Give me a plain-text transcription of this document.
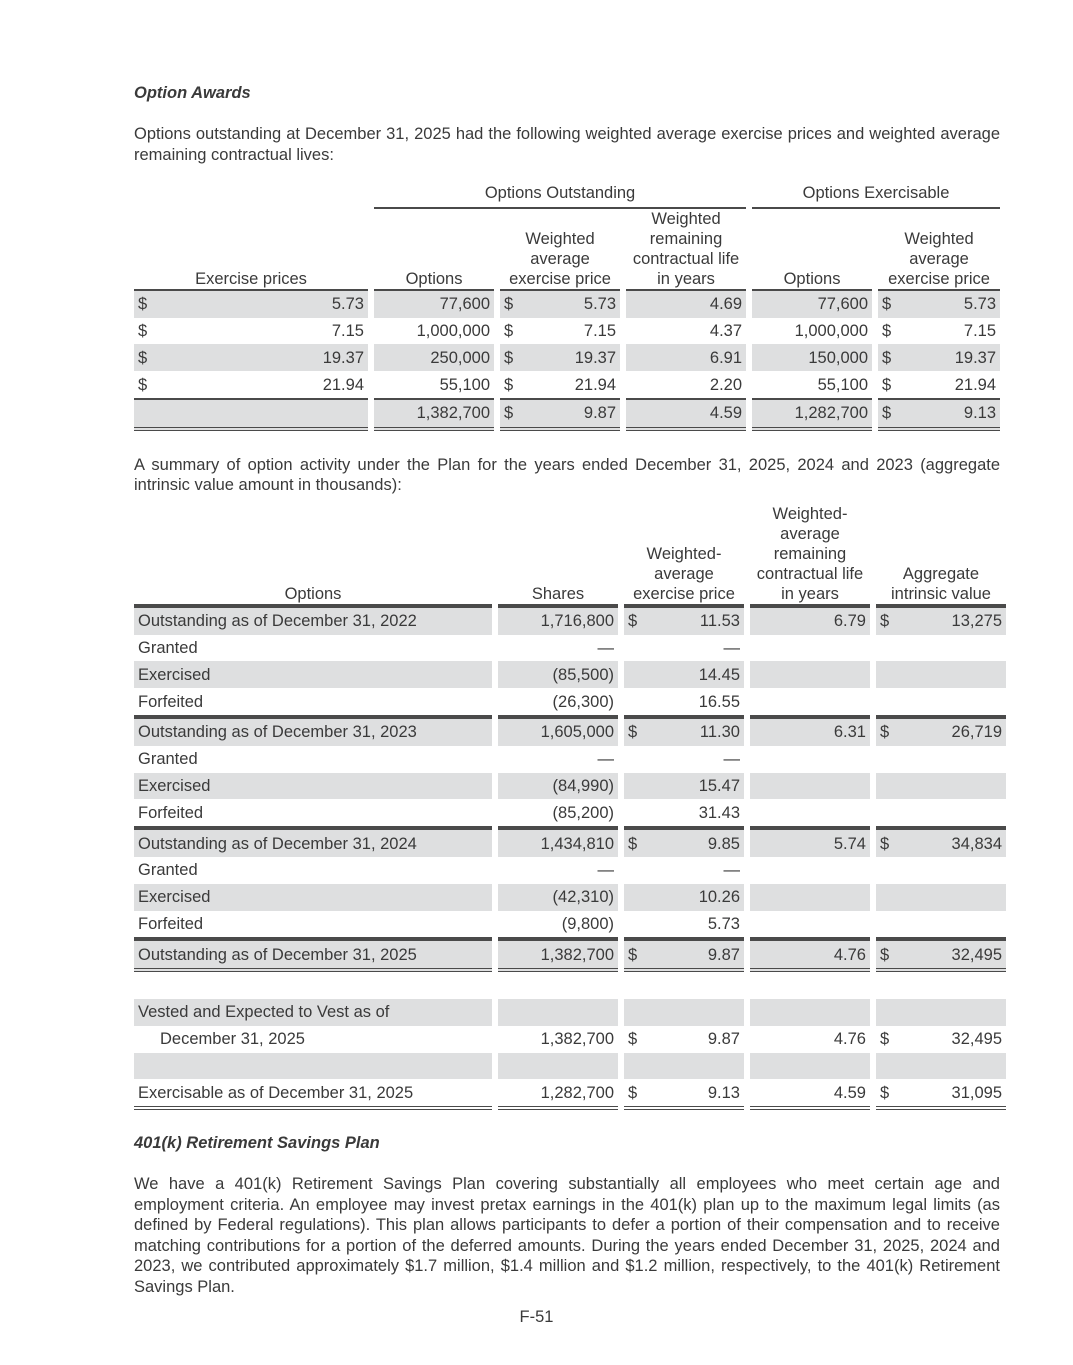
Option Awards

Options outstanding at December 31, 2025 had the following weighted average exercise prices and weighted average remaining contractual lives:

			Options Outstanding							Options Exercisable			
Exercise prices			Options		Weighted average exercise price			Weighted remaining contractual life in years		Options		Weighted average exercise price	
$	5.73		77,600		$	5.73		4.69		77,600		$	5.73
$	7.15		1,000,000		$	7.15		4.37		1,000,000		$	7.15
$	19.37		250,000		$	19.37		6.91		150,000		$	19.37
$	21.94		55,100		$	21.94		2.20		55,100		$	21.94
			1,382,700		$	9.87		4.59		1,282,700		$	9.13

A summary of option activity under the Plan for the years ended December 31, 2025, 2024 and 2023 (aggregate intrinsic value amount in thousands):

Options		Shares		Weighted-average exercise price			Weighted-average remaining contractual life in years		Aggregate intrinsic value	
Outstanding as of December 31, 2022		1,716,800		$	11.53		6.79		$	13,275
Granted		—			—					
Exercised		(85,500)			14.45					
Forfeited		(26,300)			16.55					
Outstanding as of December 31, 2023		1,605,000		$	11.30		6.31		$	26,719
Granted		—			—					
Exercised		(84,990)			15.47					
Forfeited		(85,200)			31.43					
Outstanding as of December 31, 2024		1,434,810		$	9.85		5.74		$	34,834
Granted		—			—					
Exercised		(42,310)			10.26					
Forfeited		(9,800)			5.73					
Outstanding as of December 31, 2025		1,382,700		$	9.87		4.76		$	32,495

Vested and Expected to Vest as of										
December 31, 2025		1,382,700		$	9.87		4.76		$	32,495

Exercisable as of December 31, 2025		1,282,700		$	9.13		4.59		$	31,095
401(k) Retirement Savings Plan

We have a 401(k) Retirement Savings Plan covering substantially all employees who meet certain age and employment criteria. An employee may invest pretax earnings in the 401(k) plan up to the maximum legal limits (as defined by Federal regulations). This plan allows participants to defer a portion of their compensation and to receive matching contributions for a portion of the deferred amounts. During the years ended December 31, 2025, 2024 and 2023, we contributed approximately $1.7 million, $1.4 million and $1.2 million, respectively, to the 401(k) Retirement Savings Plan.

F-51
